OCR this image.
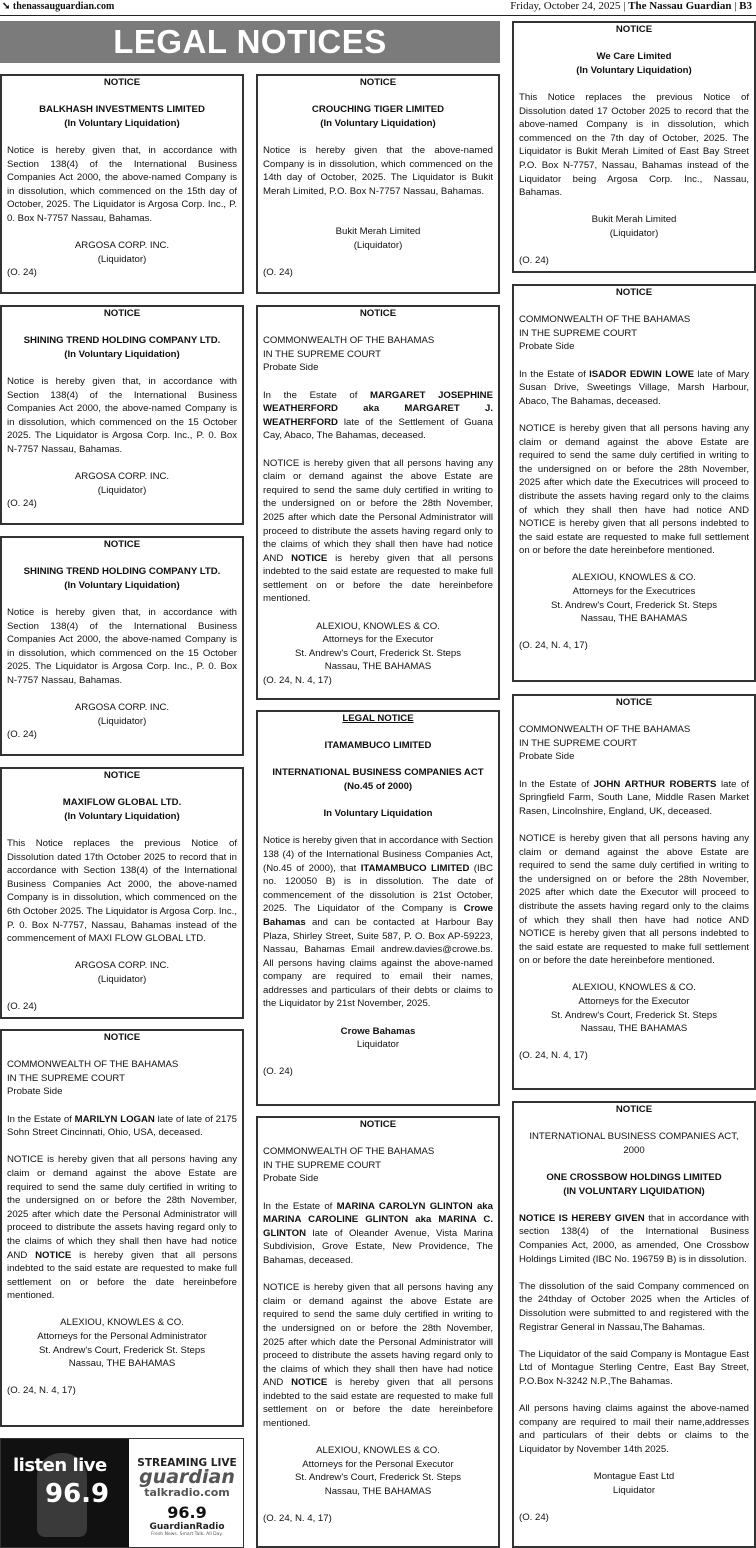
➘ thenassauguardian.com	Friday, October 24, 2025 | The Nassau Guardian | B3
LEGAL NOTICES

NOTICE

BALKHASH INVESTMENTS LIMITED

(In Voluntary Liquidation)

Notice is hereby given that, in accordance with Section 138(4) of the International Business Companies Act 2000, the above-named Company is in dissolution, which commenced on the 15th day of October, 2025. The Liquidator is Argosa Corp. Inc., P. 0. Box N-7757 Nassau, Bahamas.

ARGOSA CORP. INC.

(Liquidator)

(O. 24)

NOTICE

SHINING TREND HOLDING COMPANY LTD.

(In Voluntary Liquidation)

Notice is hereby given that, in accordance with Section 138(4) of the International Business Companies Act 2000, the above-named Company is in dissolution, which commenced on the 15 October 2025. The Liquidator is Argosa Corp. Inc., P. 0. Box N-7757 Nassau, Bahamas.

ARGOSA CORP. INC.

(Liquidator)

(O. 24)

NOTICE

SHINING TREND HOLDING COMPANY LTD.

(In Voluntary Liquidation)

Notice is hereby given that, in accordance with Section 138(4) of the International Business Companies Act 2000, the above-named Company is in dissolution, which commenced on the 15 October 2025. The Liquidator is Argosa Corp. Inc., P. 0. Box N-7757 Nassau, Bahamas.

ARGOSA CORP. INC.

(Liquidator)

(O. 24)

NOTICE

MAXIFLOW GLOBAL LTD.

(In Voluntary Liquidation)

This Notice replaces the previous Notice of Dissolution dated 17th October 2025 to record that in accordance with Section 138(4) of the International Business Companies Act 2000, the above-named Company is in dissolution, which commenced on the 6th October 2025. The Liquidator is Argosa Corp. Inc., P. 0. Box N-7757, Nassau, Bahamas instead of the commencement of MAXI FLOW GLOBAL LTD.

ARGOSA CORP. INC.

(Liquidator)

(O. 24)

NOTICE

COMMONWEALTH OF THE BAHAMAS

IN THE SUPREME COURT

Probate Side

In the Estate of MARILYN LOGAN late of late of 2175 Sohn Street Cincinnati, Ohio, USA, deceased.

NOTICE is hereby given that all persons having any claim or demand against the above Estate are required to send the same duly certified in writing to the undersigned on or before the 28th November, 2025 after which date the Personal Administrator will proceed to distribute the assets having regard only to the claims of which they shall then have had notice AND NOTICE is hereby given that all persons indebted to the said estate are requested to make full settlement on or before the date hereinbefore mentioned.

ALEXIOU, KNOWLES & CO.

Attorneys for the Personal Administrator

St. Andrew's Court, Frederick St. Steps

Nassau, THE BAHAMAS

(O. 24, N. 4, 17)

listen live
96.9
STREAMING LIVE
guardian
talkradio.com
96.9
GuardianRadio
Fresh News. Smart Talk. All Day.

NOTICE

CROUCHING TIGER LIMITED

(In Voluntary Liquidation)

Notice is hereby given that the above-named Company is in dissolution, which commenced on the 14th day of October, 2025. The Liquidator is Bukit Merah Limited, P.O. Box N-7757 Nassau, Bahamas.

Bukit Merah Limited

(Liquidator)

(O. 24)

NOTICE

COMMONWEALTH OF THE BAHAMAS

IN THE SUPREME COURT

Probate Side

In the Estate of MARGARET JOSEPHINE WEATHERFORD aka MARGARET J. WEATHERFORD late of the Settlement of Guana Cay, Abaco, The Bahamas, deceased.

NOTICE is hereby given that all persons having any claim or demand against the above Estate are required to send the same duly certified in writing to the undersigned on or before the 28th November, 2025 after which date the Personal Administrator will proceed to distribute the assets having regard only to the claims of which they shall then have had notice AND NOTICE is hereby given that all persons indebted to the said estate are requested to make full settlement on or before the date hereinbefore mentioned.

ALEXIOU, KNOWLES & CO.

Attorneys for the Executor

St. Andrew's Court, Frederick St. Steps

Nassau, THE BAHAMAS

(O. 24, N. 4, 17)

LEGAL NOTICE

ITAMAMBUCO LIMITED

INTERNATIONAL BUSINESS COMPANIES ACT

(No.45 of 2000)

In Voluntary Liquidation

Notice is hereby given that in accordance with Section 138 (4) of the International Business Companies Act, (No.45 of 2000), that ITAMAMBUCO LIMITED (IBC no. 120050 B) is in dissolution. The date of commencement of the dissolution is 21st October, 2025. The Liquidator of the Company is Crowe Bahamas and can be contacted at Harbour Bay Plaza, Shirley Street, Suite 587, P. O. Box AP-59223, Nassau, Bahamas Email andrew.davies@crowe.bs. All persons having claims against the above-named company are required to email their names, addresses and particulars of their debts or claims to the Liquidator by 21st November, 2025.

Crowe Bahamas

Liquidator

(O. 24)

NOTICE

COMMONWEALTH OF THE BAHAMAS

IN THE SUPREME COURT

Probate Side

In the Estate of MARINA CAROLYN GLINTON aka MARINA CAROLINE GLINTON aka MARINA C. GLINTON late of Oleander Avenue, Vista Marina Subdivision, Grove Estate, New Providence, The Bahamas, deceased.

NOTICE is hereby given that all persons having any claim or demand against the above Estate are required to send the same duly certified in writing to the undersigned on or before the 28th November, 2025 after which date the Personal Administrator will proceed to distribute the assets having regard only to the claims of which they shall then have had notice AND NOTICE is hereby given that all persons indebted to the said estate are requested to make full settlement on or before the date hereinbefore mentioned.

ALEXIOU, KNOWLES & CO.

Attorneys for the Personal Executor

St. Andrew's Court, Frederick St. Steps

Nassau, THE BAHAMAS

(O. 24, N. 4, 17)

NOTICE

We Care Limited

(In Voluntary Liquidation)

This Notice replaces the previous Notice of Dissolution dated 17 October 2025 to record that the above-named Company is in dissolution, which commenced on the 7th day of October, 2025. The Liquidator is Bukit Merah Limited of East Bay Street P.O. Box N-7757, Nassau, Bahamas instead of the Liquidator being Argosa Corp. Inc., Nassau, Bahamas.

Bukit Merah Limited

(Liquidator)

(O. 24)

NOTICE

COMMONWEALTH OF THE BAHAMAS

IN THE SUPREME COURT

Probate Side

In the Estate of ISADOR EDWIN LOWE late of Mary Susan Drive, Sweetings Village, Marsh Harbour, Abaco, The Bahamas, deceased.

NOTICE is hereby given that all persons having any claim or demand against the above Estate are required to send the same duly certified in writing to the undersigned on or before the 28th November, 2025 after which date the Executrices will proceed to distribute the assets having regard only to the claims of which they shall then have had notice AND NOTICE is hereby given that all persons indebted to the said estate are requested to make full settlement on or before the date hereinbefore mentioned.

ALEXIOU, KNOWLES & CO.

Attorneys for the Executrices

St. Andrew's Court, Frederick St. Steps

Nassau, THE BAHAMAS

(O. 24, N. 4, 17)

NOTICE

COMMONWEALTH OF THE BAHAMAS

IN THE SUPREME COURT

Probate Side

In the Estate of JOHN ARTHUR ROBERTS late of Springfield Farm, South Lane, Middle Rasen Market Rasen, Lincolnshire, England, UK, deceased.

NOTICE is hereby given that all persons having any claim or demand against the above Estate are required to send the same duly certified in writing to the undersigned on or before the 28th November, 2025 after which date the Executor will proceed to distribute the assets having regard only to the claims of which they shall then have had notice AND NOTICE is hereby given that all persons indebted to the said estate are requested to make full settlement on or before the date hereinbefore mentioned.

ALEXIOU, KNOWLES & CO.

Attorneys for the Executor

St. Andrew's Court, Frederick St. Steps

Nassau, THE BAHAMAS

(O. 24, N. 4, 17)

NOTICE

INTERNATIONAL BUSINESS COMPANIES ACT, 2000

ONE CROSSBOW HOLDINGS LIMITED

(IN VOLUNTARY LIQUIDATION)

NOTICE IS HEREBY GIVEN that in accordance with section 138(4) of the International Business Companies Act, 2000, as amended, One Crossbow Holdings Limited (IBC No. 196759 B) is in dissolution.

The dissolution of the said Company commenced on the 24thday of October 2025 when the Articles of Dissolution were submitted to and registered with the Registrar General in Nassau,The Bahamas.

The Liquidator of the said Company is Montague East Ltd of Montague Sterling Centre, East Bay Street, P.O.Box N-3242 N.P.,The Bahamas.

All persons having claims against the above-named company are required to mail their name,addresses and particulars of their debts or claims to the Liquidator by November 14th 2025.

Montague East Ltd

Liquidator

(O. 24)
